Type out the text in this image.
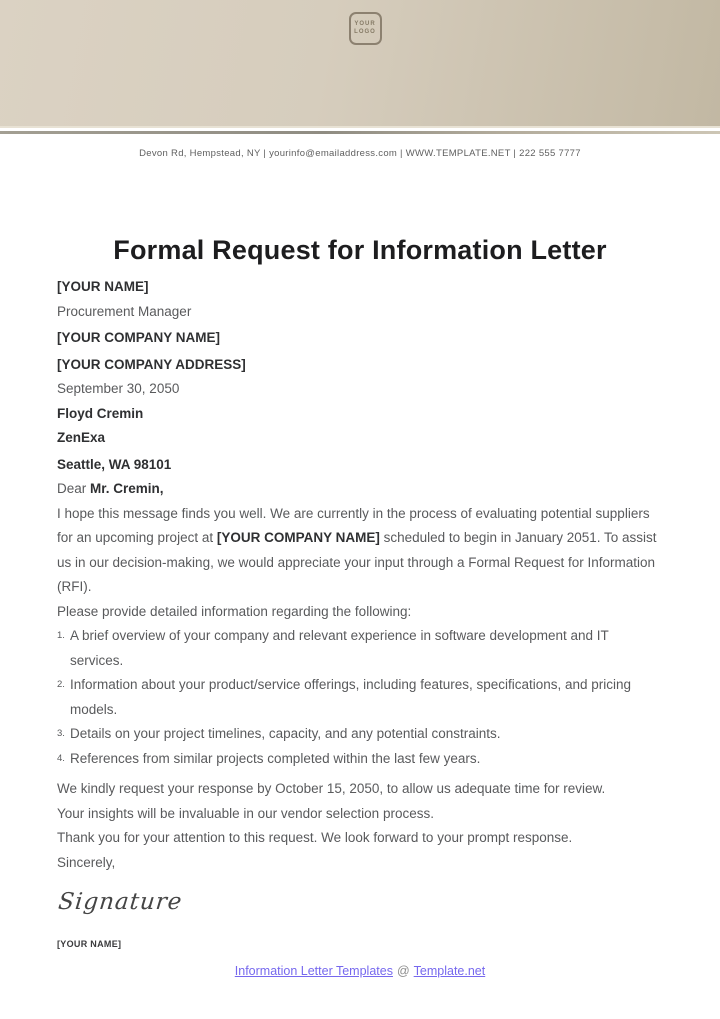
YOUR
LOGO

Devon Rd, Hempstead, NY | yourinfo@emailaddress.com | WWW.TEMPLATE.NET | 222 555 7777

Formal Request for Information Letter

[YOUR NAME]

Procurement Manager

[YOUR COMPANY NAME]

[YOUR COMPANY ADDRESS]

September 30, 2050

Floyd Cremin

ZenExa

Seattle, WA 98101

Dear Mr. Cremin,

I hope this message finds you well. We are currently in the process of evaluating potential suppliers for an upcoming project at [YOUR COMPANY NAME] scheduled to begin in January 2051. To assist us in our decision-making, we would appreciate your input through a Formal Request for Information (RFI).

Please provide detailed information regarding the following:

1. A brief overview of your company and relevant experience in software development and IT services.
2. Information about your product/service offerings, including features, specifications, and pricing models.
3. Details on your project timelines, capacity, and any potential constraints.
4. References from similar projects completed within the last few years.

We kindly request your response by October 15, 2050, to allow us adequate time for review.

Your insights will be invaluable in our vendor selection process.

Thank you for your attention to this request. We look forward to your prompt response.

Sincerely,

Signature
[YOUR NAME]
Information Letter Templates @ Template.net
